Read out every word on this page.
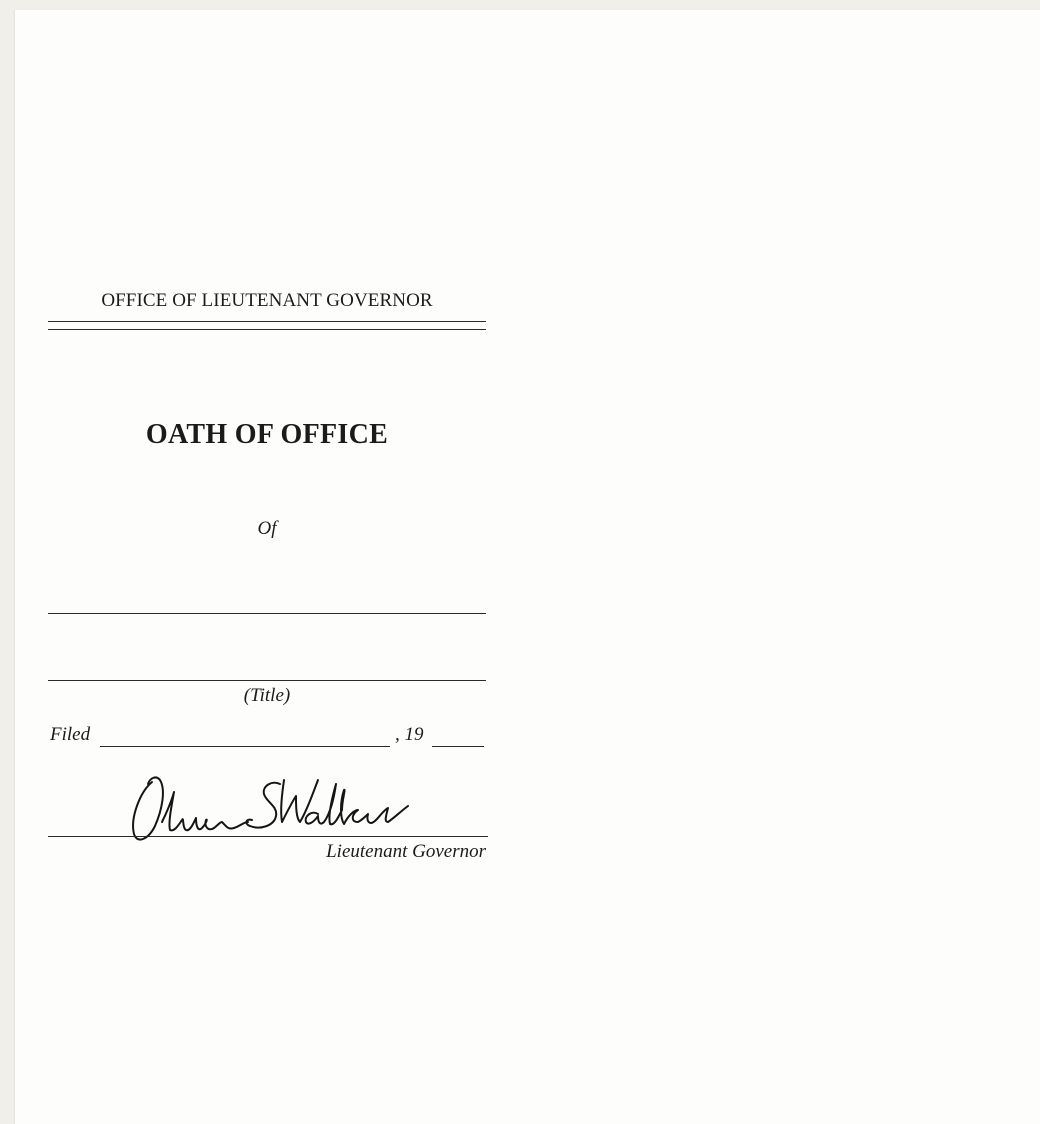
OFFICE OF LIEUTENANT GOVERNOR
OATH OF OFFICE
Of
(Title)
Filed	, 19
Lieutenant Governor
